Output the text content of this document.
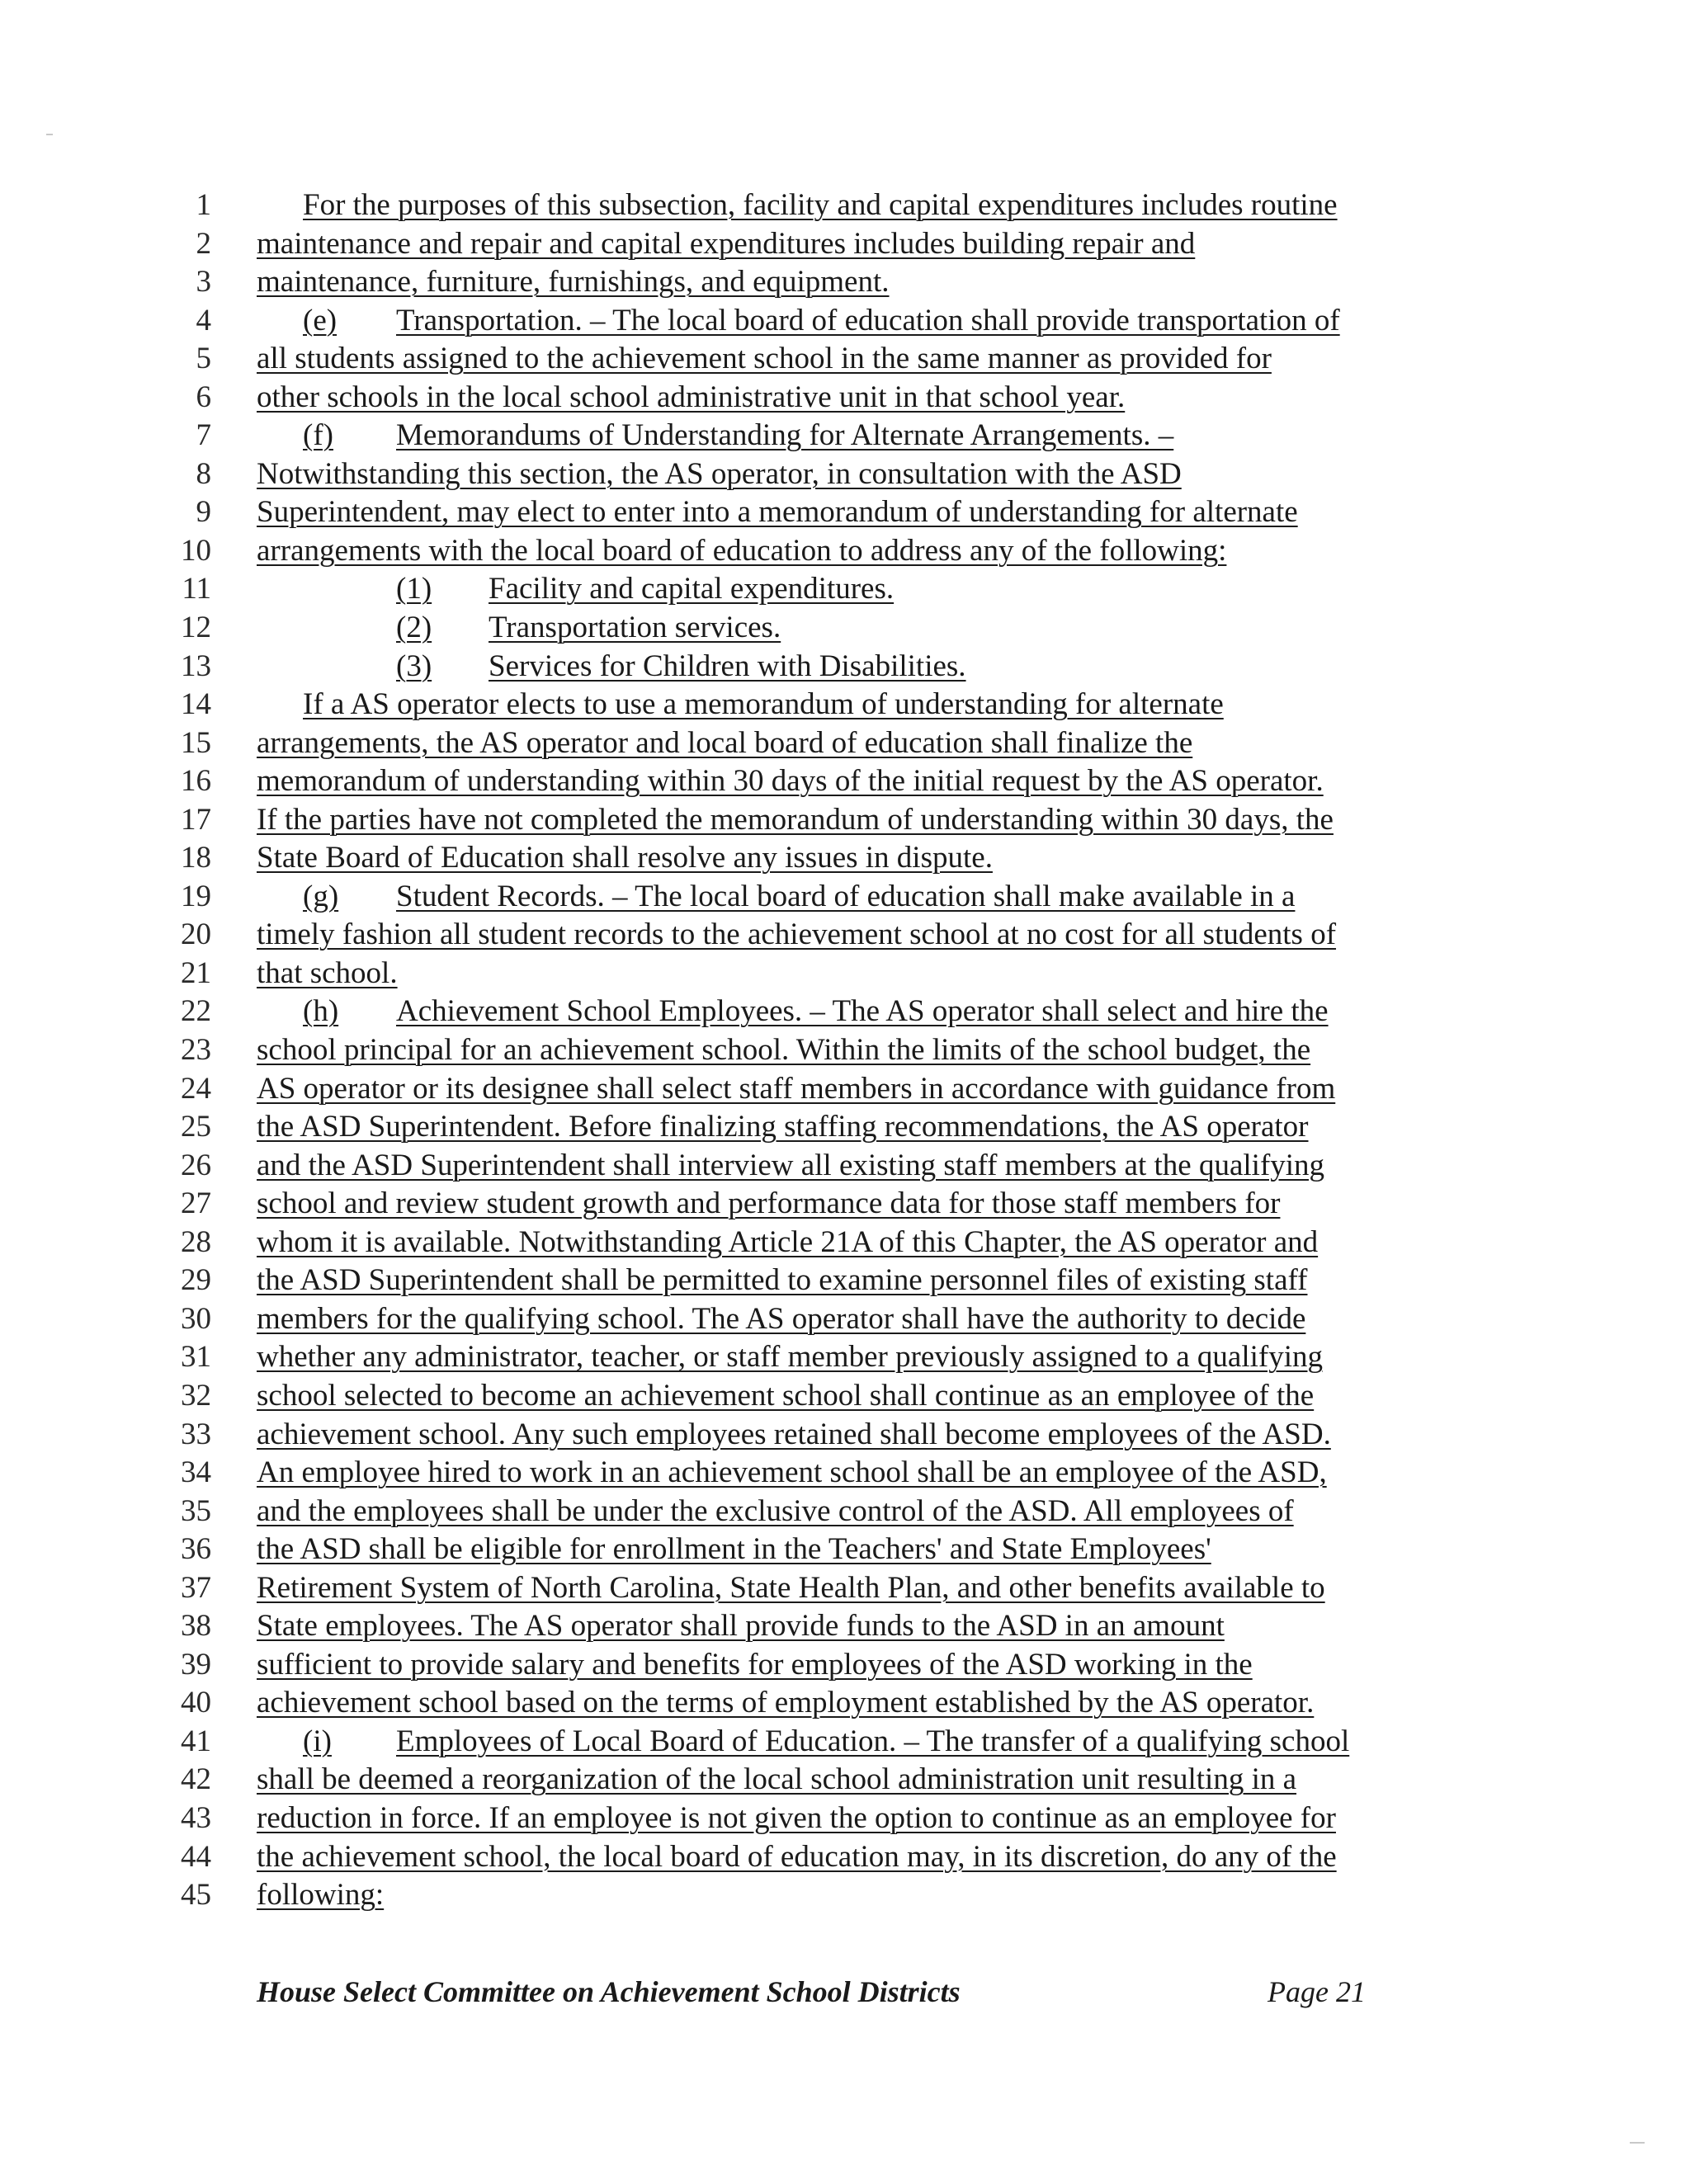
1	For the purposes of this subsection, facility and capital expenditures includes routine
2 maintenance and repair and capital expenditures includes building repair and
3 maintenance, furniture, furnishings, and equipment.
4	(e) Transportation. – The local board of education shall provide transportation of
5 all students assigned to the achievement school in the same manner as provided for
6 other schools in the local school administrative unit in that school year.
7	(f) Memorandums of Understanding for Alternate Arrangements. –
8 Notwithstanding this section, the AS operator, in consultation with the ASD
9 Superintendent, may elect to enter into a memorandum of understanding for alternate
10 arrangements with the local board of education to address any of the following:
11	(1) Facility and capital expenditures.
12	(2) Transportation services.
13	(3) Services for Children with Disabilities.
14	If a AS operator elects to use a memorandum of understanding for alternate
15 arrangements, the AS operator and local board of education shall finalize the
16 memorandum of understanding within 30 days of the initial request by the AS operator.
17 If the parties have not completed the memorandum of understanding within 30 days, the
18 State Board of Education shall resolve any issues in dispute.
19	(g) Student Records. – The local board of education shall make available in a
20 timely fashion all student records to the achievement school at no cost for all students of
21 that school.
22	(h) Achievement School Employees. – The AS operator shall select and hire the
23 school principal for an achievement school. Within the limits of the school budget, the
24 AS operator or its designee shall select staff members in accordance with guidance from
25 the ASD Superintendent. Before finalizing staffing recommendations, the AS operator
26 and the ASD Superintendent shall interview all existing staff members at the qualifying
27 school and review student growth and performance data for those staff members for
28 whom it is available. Notwithstanding Article 21A of this Chapter, the AS operator and
29 the ASD Superintendent shall be permitted to examine personnel files of existing staff
30 members for the qualifying school. The AS operator shall have the authority to decide
31 whether any administrator, teacher, or staff member previously assigned to a qualifying
32 school selected to become an achievement school shall continue as an employee of the
33 achievement school. Any such employees retained shall become employees of the ASD.
34 An employee hired to work in an achievement school shall be an employee of the ASD,
35 and the employees shall be under the exclusive control of the ASD. All employees of
36 the ASD shall be eligible for enrollment in the Teachers' and State Employees'
37 Retirement System of North Carolina, State Health Plan, and other benefits available to
38 State employees. The AS operator shall provide funds to the ASD in an amount
39 sufficient to provide salary and benefits for employees of the ASD working in the
40 achievement school based on the terms of employment established by the AS operator.
41	(i) Employees of Local Board of Education. – The transfer of a qualifying school
42 shall be deemed a reorganization of the local school administration unit resulting in a
43 reduction in force. If an employee is not given the option to continue as an employee for
44 the achievement school, the local board of education may, in its discretion, do any of the
45 following:
House Select Committee on Achievement School Districts	Page 21
